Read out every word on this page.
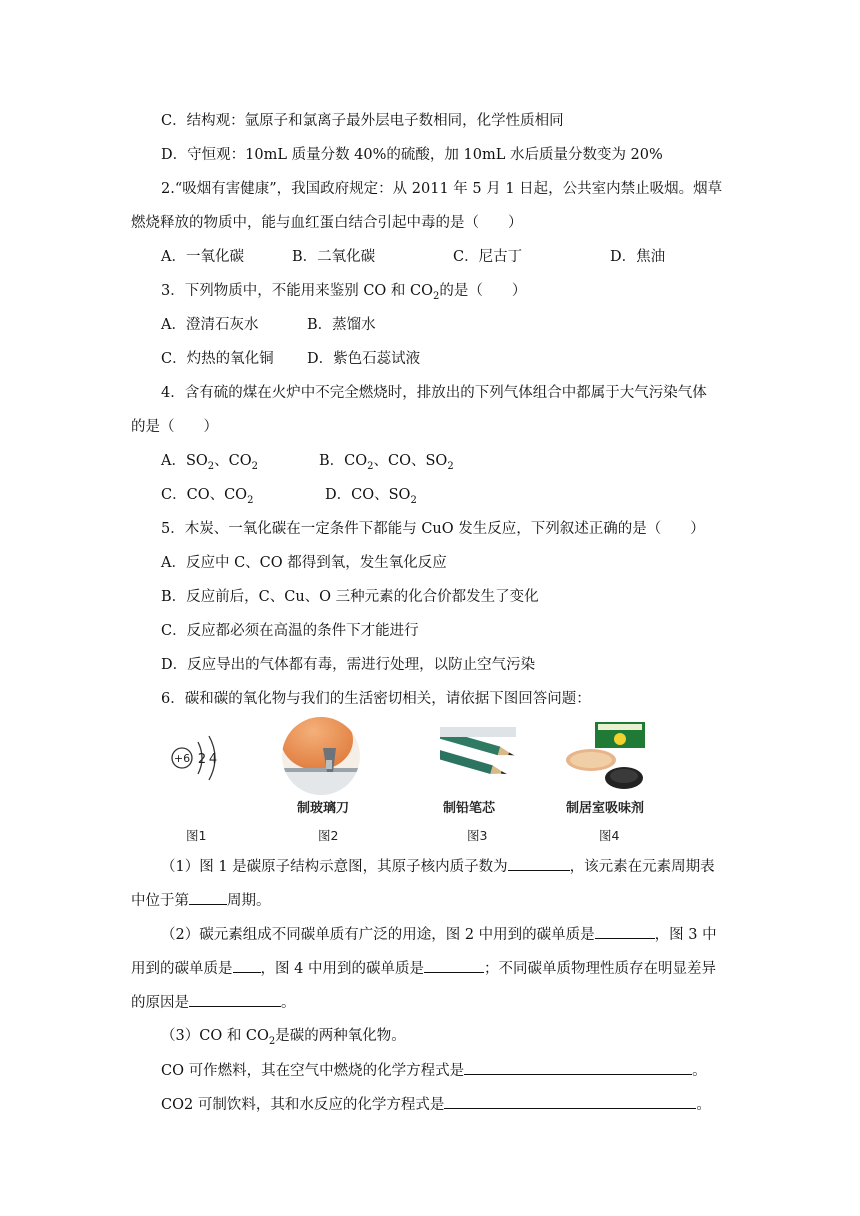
C．结构观：氩原子和氯离子最外层电子数相同，化学性质相同
D．守恒观：10mL 质量分数 40%的硫酸，加 10mL 水后质量分数变为 20%
2.“吸烟有害健康”，我国政府规定：从 2011 年 5 月 1 日起，公共室内禁止吸烟。烟草
燃烧释放的物质中，能与血红蛋白结合引起中毒的是（　　）
A．一氧化碳	B．二氧化碳	C．尼古丁	D．焦油
3．下列物质中，不能用来鉴别 CO 和 $CO_2$的是（　　）
A．澄清石灰水	B．蒸馏水
C．灼热的氧化铜 D．紫色石蕊试液
4．含有硫的煤在火炉中不完全燃烧时，排放出的下列气体组合中都属于大气污染气体
的是（　　）
A．$SO_2$、$CO_2$	B．$CO_2$、CO、$SO_2$
C．CO、$CO_2$	D．CO、$SO_2$
5．木炭、一氧化碳在一定条件下都能与 CuO 发生反应，下列叙述正确的是（　　）
A．反应中 C、CO 都得到氧，发生氧化反应
B．反应前后，C、Cu、O 三种元素的化合价都发生了变化
C．反应都必须在高温的条件下才能进行
D．反应导出的气体都有毒，需进行处理，以防止空气污染
6．碳和碳的氧化物与我们的生活密切相关，请依据下图回答问题：
+6 2 4
图1
制玻璃刀
图2
制铅笔芯
图3
制居室吸味剂
图4
（1）图 1 是碳原子结构示意图，其原子核内质子数为	，该元素在元素周期表
中位于第	周期。
（2）碳元素组成不同碳单质有广泛的用途，图 2 中用到的碳单质是	，图 3 中
用到的碳单质是 ，图 4 中用到的碳单质是	；不同碳单质物理性质存在明显差异
的原因是	。
（3）CO 和 $CO_2$是碳的两种氧化物。
CO 可作燃料，其在空气中燃烧的化学方程式是	。
CO2 可制饮料，其和水反应的化学方程式是	。
